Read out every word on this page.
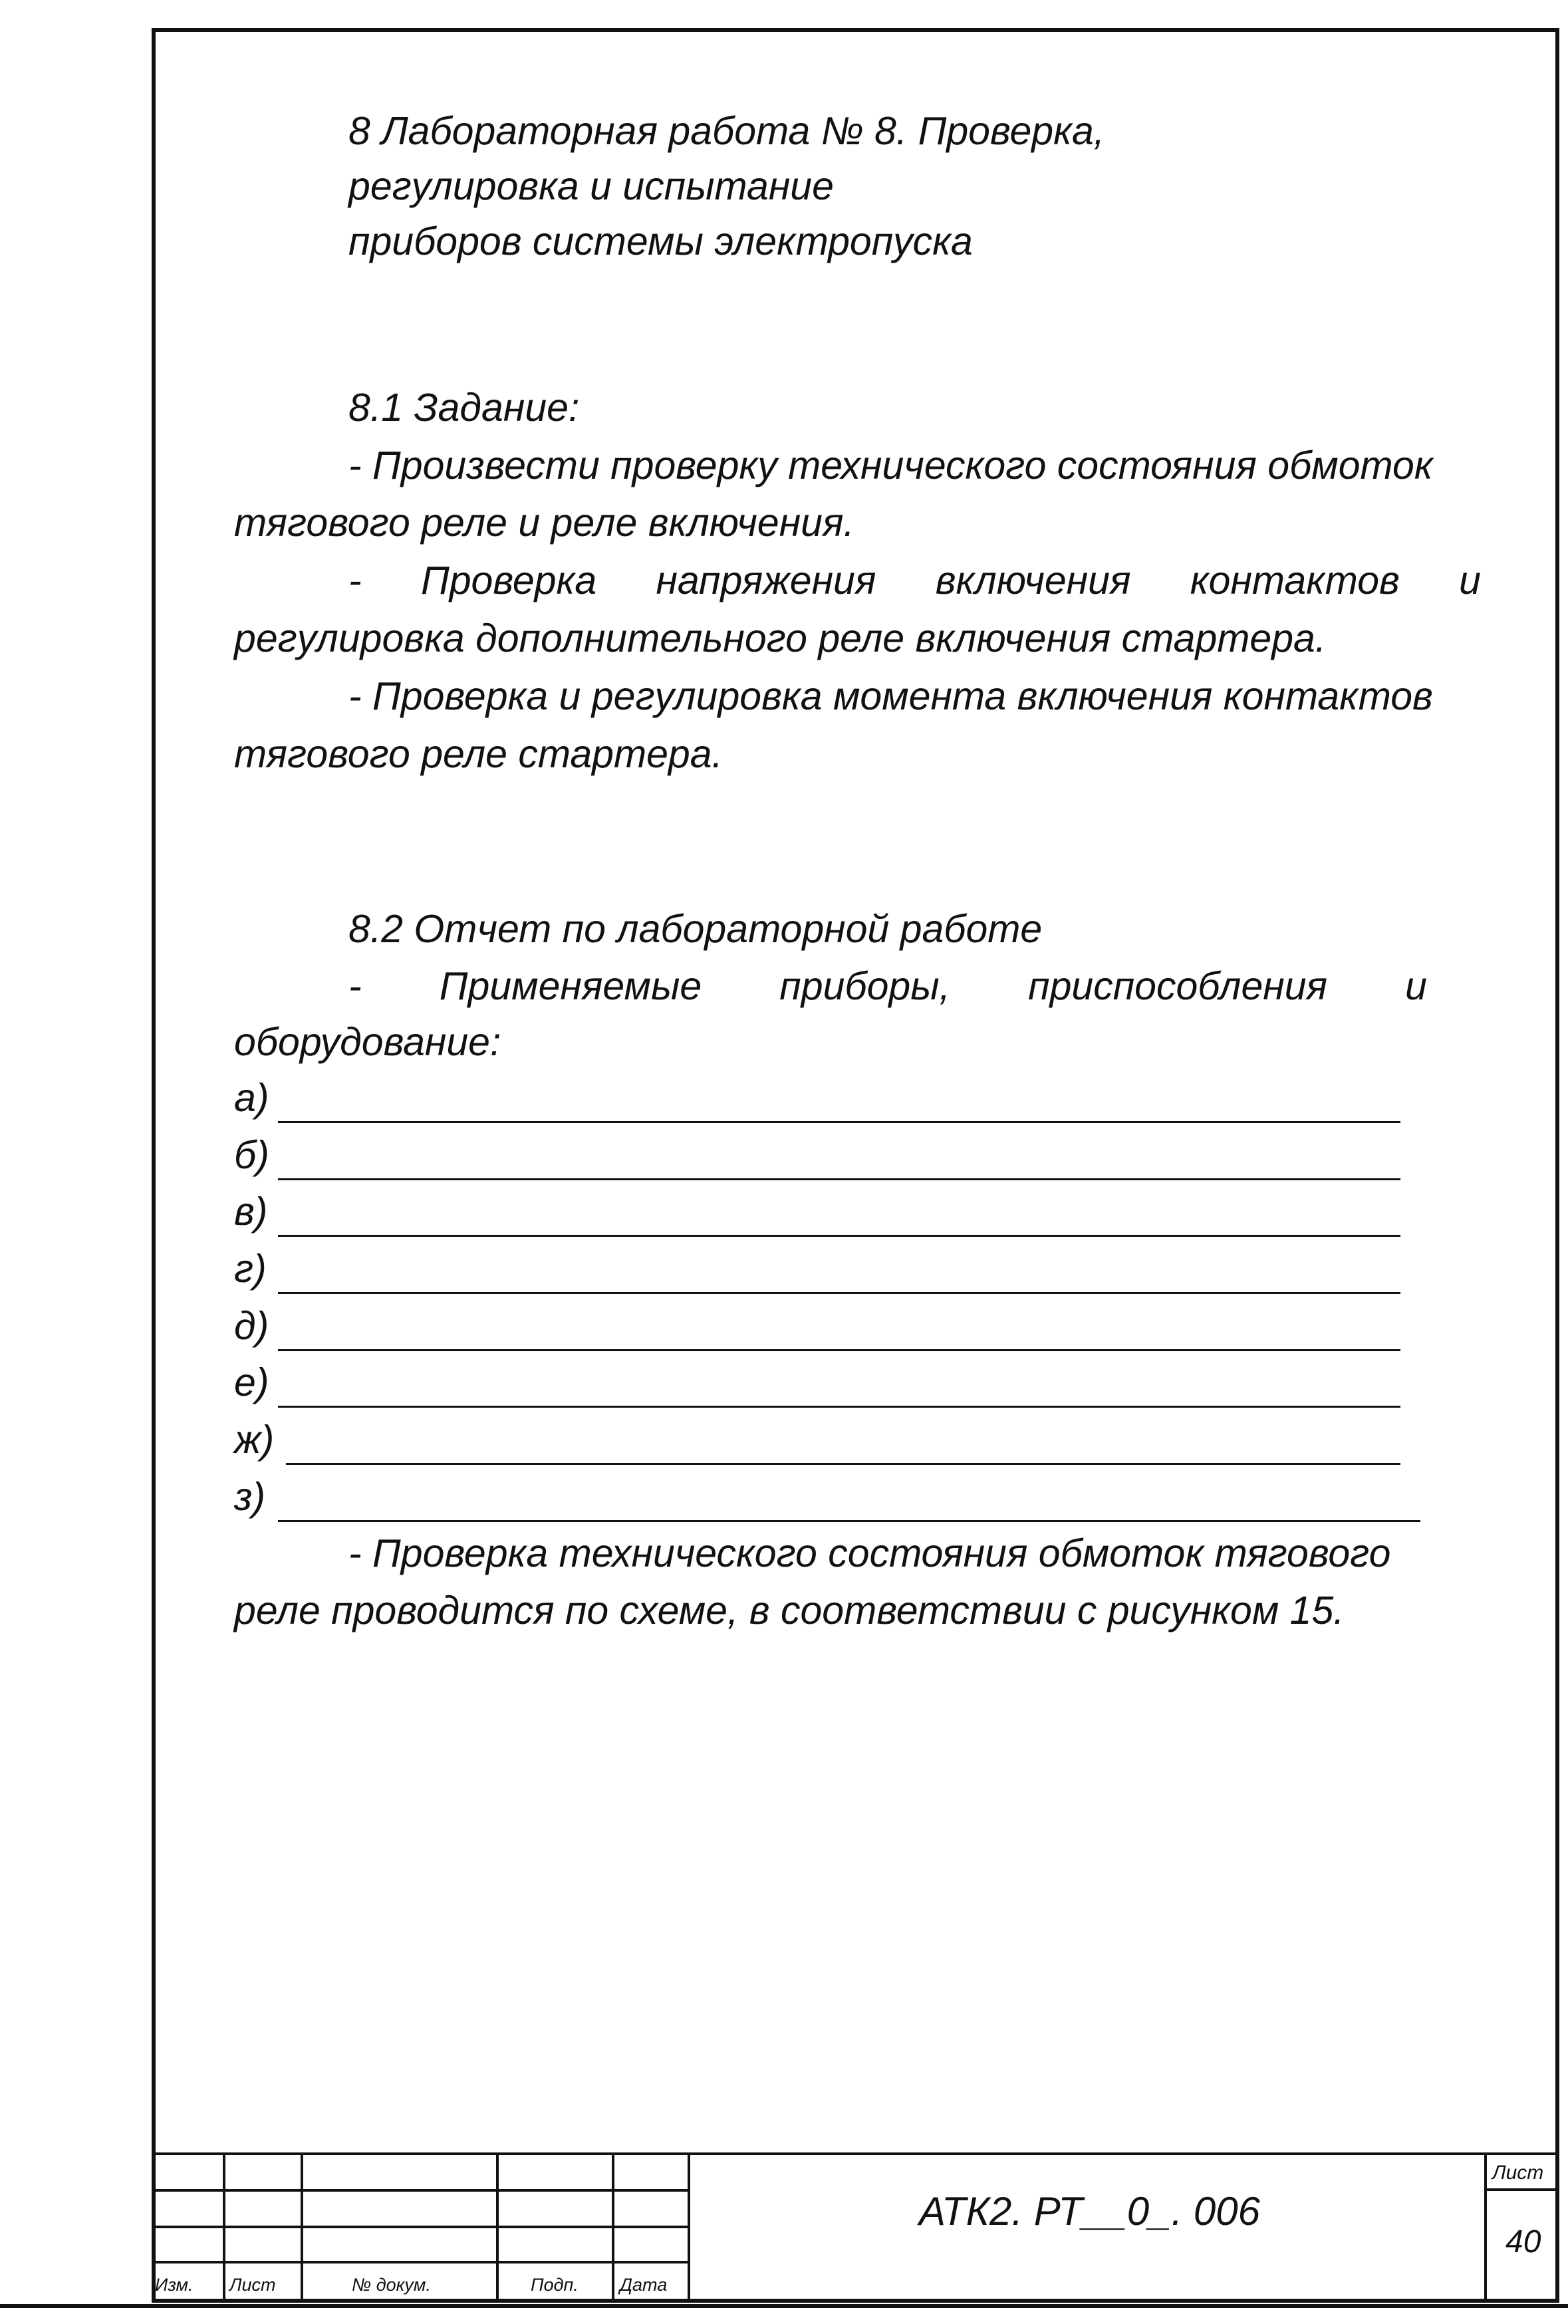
8 Лабораторная работа № 8. Проверка,
регулировка и испытание
приборов системы электропуска
8.1 Задание:
- Произвести проверку технического состояния обмоток
тягового реле и реле включения.
- Проверка напряжения включения контактов и
регулировка дополнительного реле включения стартера.
- Проверка и регулировка момента включения контактов
тягового реле стартера.
8.2 Отчет по лабораторной работе
- Применяемые приборы, приспособления и
оборудование:
а)
б)
в)
г)
д)
е)
ж)
з)
- Проверка технического состояния обмоток тягового
реле проводится по схеме, в соответствии с рисунком 15.
Изм. Лист	№ докум.	Подп. Дата
АТК2. РТ__0_. 006
Лист
40
